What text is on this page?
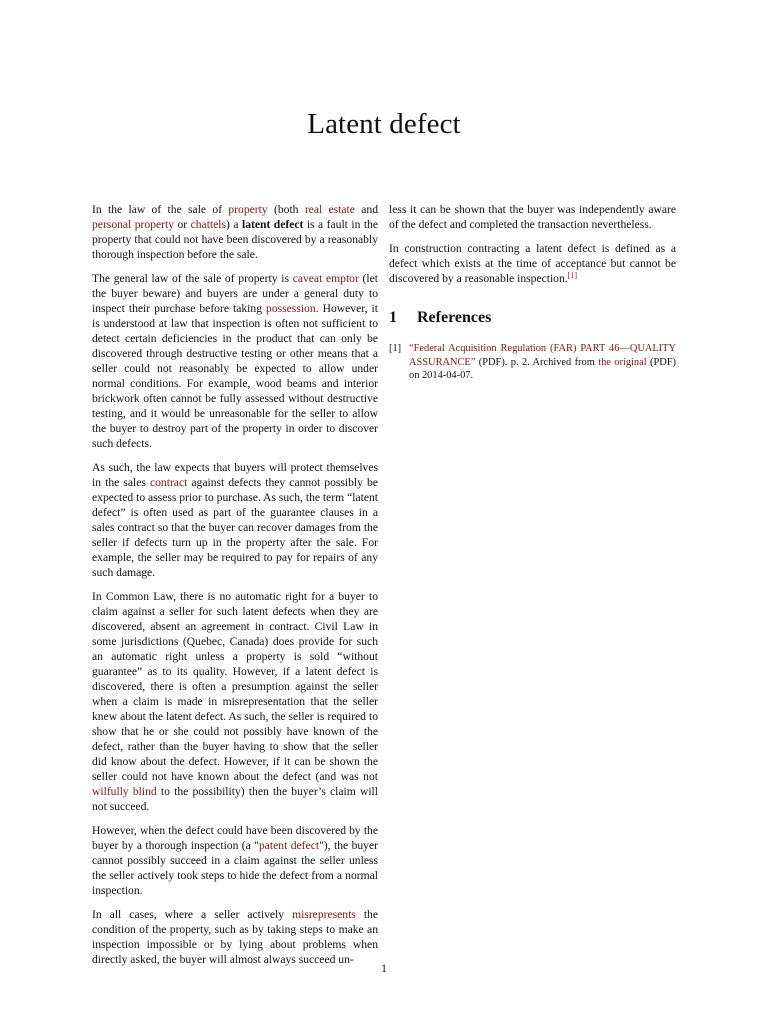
Latent defect

In the law of the sale of property (both real estate and personal property or chattels) a latent defect is a fault in the property that could not have been discovered by a reasonably thorough inspection before the sale.

The general law of the sale of property is caveat emptor (let the buyer beware) and buyers are under a general duty to inspect their purchase before taking possession. However, it is understood at law that inspection is often not sufficient to detect certain deficiencies in the product that can only be discovered through destructive testing or other means that a seller could not reasonably be expected to allow under normal conditions. For example, wood beams and interior brickwork often cannot be fully assessed without destructive testing, and it would be unreasonable for the seller to allow the buyer to destroy part of the property in order to discover such defects.

As such, the law expects that buyers will protect themselves in the sales contract against defects they cannot possibly be expected to assess prior to purchase. As such, the term “latent defect” is often used as part of the guarantee clauses in a sales contract so that the buyer can recover damages from the seller if defects turn up in the property after the sale. For example, the seller may be required to pay for repairs of any such damage.

In Common Law, there is no automatic right for a buyer to claim against a seller for such latent defects when they are discovered, absent an agreement in contract. Civil Law in some jurisdictions (Quebec, Canada) does provide for such an automatic right unless a property is sold “without guarantee” as to its quality. However, if a latent defect is discovered, there is often a presumption against the seller when a claim is made in misrepresentation that the seller knew about the latent defect. As such, the seller is required to show that he or she could not possibly have known of the defect, rather than the buyer having to show that the seller did know about the defect. However, if it can be shown the seller could not have known about the defect (and was not wilfully blind to the possibility) then the buyer’s claim will not succeed.

However, when the defect could have been discovered by the buyer by a thorough inspection (a "patent defect"), the buyer cannot possibly succeed in a claim against the seller unless the seller actively took steps to hide the defect from a normal inspection.

In all cases, where a seller actively misrepresents the condition of the property, such as by taking steps to make an inspection impossible or by lying about problems when directly asked, the buyer will almost always succeed un-

less it can be shown that the buyer was independently aware of the defect and completed the transaction nevertheless.

In construction contracting a latent defect is defined as a defect which exists at the time of acceptance but cannot be discovered by a reasonable inspection.[1]

1 References

[1] “Federal Acquisition Regulation (FAR) PART 46—QUALITY ASSURANCE” (PDF). p. 2. Archived from the original (PDF) on 2014-04-07.

1
